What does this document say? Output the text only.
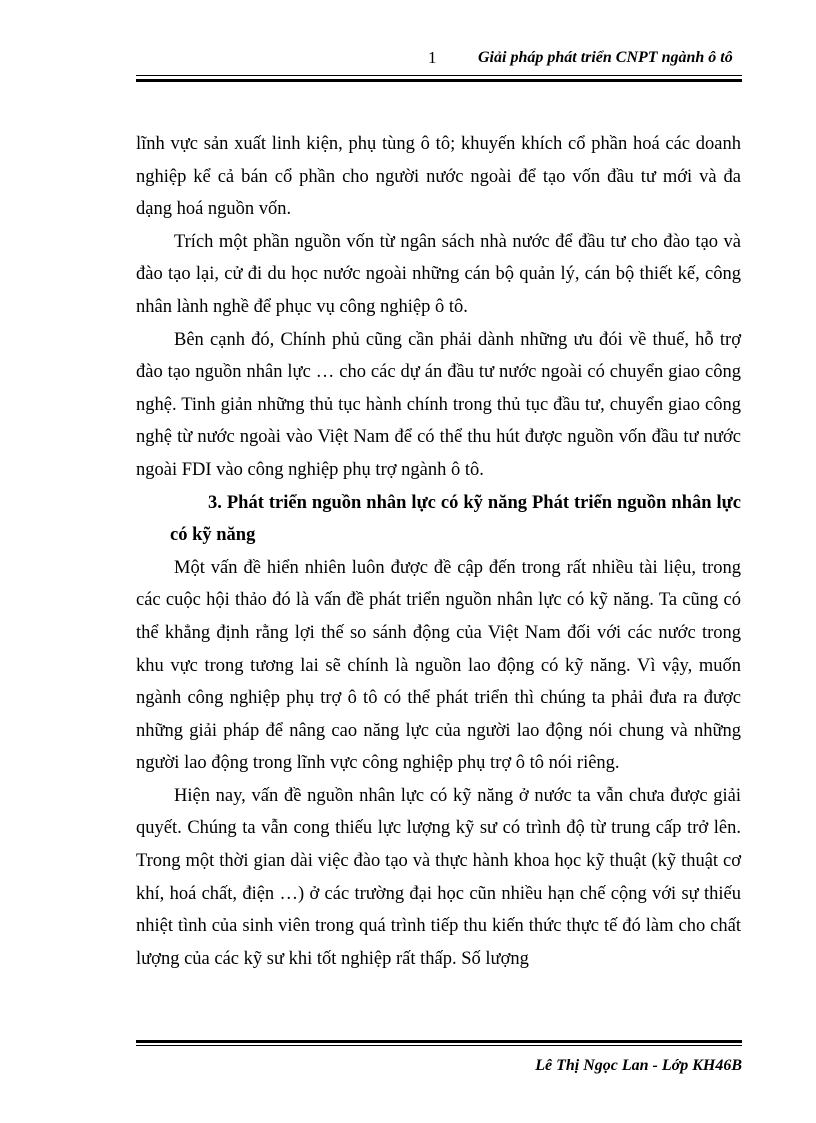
1	Giải pháp phát triển CNPT ngành ô tô

lĩnh vực sản xuất linh kiện, phụ tùng ô tô; khuyến khích cổ phần hoá các doanh nghiệp kể cả bán cổ phần cho người nước ngoài để tạo vốn đầu tư mới và đa dạng hoá nguồn vốn.

Trích một phần nguồn vốn từ ngân sách nhà nước để đầu tư cho đào tạo và đào tạo lại, cử đi du học nước ngoài những cán bộ quản lý, cán bộ thiết kế, công nhân lành nghề để phục vụ công nghiệp ô tô.

Bên cạnh đó, Chính phủ cũng cần phải dành những ưu đói về thuế, hỗ trợ đào tạo nguồn nhân lực … cho các dự án đầu tư nước ngoài có chuyển giao công nghệ. Tinh giản những thủ tục hành chính trong thủ tục đầu tư, chuyển giao công nghệ từ nước ngoài vào Việt Nam để có thể thu hút được nguồn vốn đầu tư nước ngoài FDI vào công nghiệp phụ trợ ngành ô tô.

3. Phát triển nguồn nhân lực có kỹ năng Phát triển nguồn nhân lực có kỹ năng

Một vấn đề hiển nhiên luôn được đề cập đến trong rất nhiều tài liệu, trong các cuộc hội thảo đó là vấn đề phát triển nguồn nhân lực có kỹ năng. Ta cũng có thể khẳng định rằng lợi thế so sánh động của Việt Nam đối với các nước trong khu vực trong tương lai sẽ chính là nguồn lao động có kỹ năng. Vì vậy, muốn ngành công nghiệp phụ trợ ô tô có thể phát triển thì chúng ta phải đưa ra được những giải pháp để nâng cao năng lực của người lao động nói chung và những người lao động trong lĩnh vực công nghiệp phụ trợ ô tô nói riêng.

Hiện nay, vấn đề nguồn nhân lực có kỹ năng ở nước ta vẫn chưa được giải quyết. Chúng ta vẫn cong thiếu lực lượng kỹ sư có trình độ từ trung cấp trở lên. Trong một thời gian dài việc đào tạo và thực hành khoa học kỹ thuật (kỹ thuật cơ khí, hoá chất, điện …) ở các trường đại học cũn nhiều hạn chế cộng với sự thiếu nhiệt tình của sinh viên trong quá trình tiếp thu kiến thức thực tế đó làm cho chất lượng của các kỹ sư khi tốt nghiệp rất thấp. Số lượng

Lê Thị Ngọc Lan - Lớp KH46B
